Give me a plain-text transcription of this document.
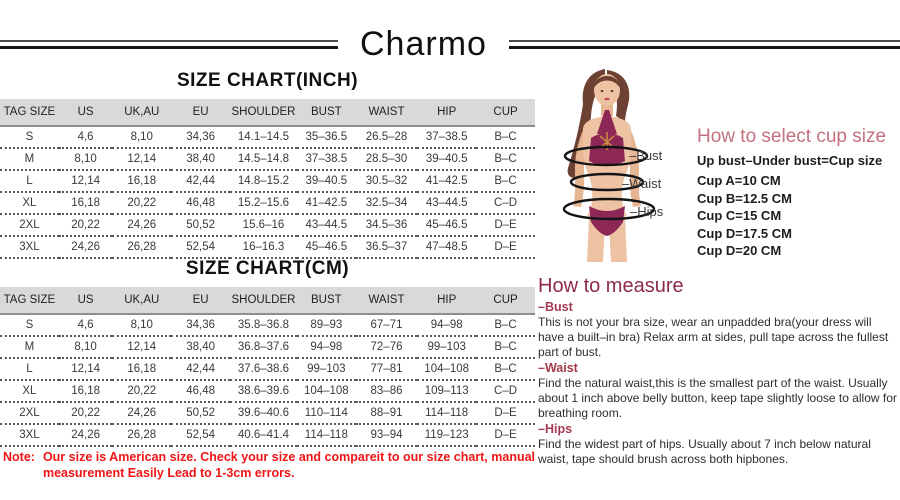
Charmo
SIZE CHART(INCH)
TAG SIZE	US	UK,AU	EU	SHOULDER	BUST	WAIST	HIP	CUP
S	4,6	8,10	34,36	14.1–14.5	35–36.5	26.5–28	37–38.5	B–C
M	8,10	12,14	38,40	14.5–14.8	37–38.5	28.5–30	39–40.5	B–C
L	12,14	16,18	42,44	14.8–15.2	39–40.5	30.5–32	41–42.5	B–C
XL	16,18	20,22	46,48	15.2–15.6	41–42.5	32.5–34	43–44.5	C–D
2XL	20,22	24,26	50,52	15.6–16	43–44.5	34.5–36	45–46.5	D–E
3XL	24,26	26,28	52,54	16–16.3	45–46.5	36.5–37	47–48.5	D–E
SIZE CHART(CM)
TAG SIZE	US	UK,AU	EU	SHOULDER	BUST	WAIST	HIP	CUP
S	4,6	8,10	34,36	35.8–36.8	89–93	67–71	94–98	B–C
M	8,10	12,14	38,40	36.8–37.6	94–98	72–76	99–103	B–C
L	12,14	16,18	42,44	37.6–38.6	99–103	77–81	104–108	B–C
XL	16,18	20,22	46,48	38.6–39.6	104–108	83–86	109–113	C–D
2XL	20,22	24,26	50,52	39.6–40.6	110–114	88–91	114–118	D–E
3XL	24,26	26,28	52,54	40.6–41.4	114–118	93–94	119–123	D–E
Note: Our size is American size. Check your size and compareit to our size chart, manual measurement Easily Lead to 1-3cm errors.
–Bust
–Waist
–Hips
How to select cup size
Up bust–Under bust=Cup size
Cup A=10 CM
Cup B=12.5 CM
Cup C=15 CM
Cup D=17.5 CM
Cup D=20 CM
How to measure
–Bust

This is not your bra size, wear an unpadded bra(your dress will have a built–in bra) Relax arm at sides, pull tape across the fullest part of bust.

–Waist

Find the natural waist,this is the smallest part of the waist. Usually about 1 inch above belly button, keep tape slightly loose to allow for breathing room.

–Hips

Find the widest part of hips. Usually about 7 inch below natural waist, tape should brush across both hipbones.
